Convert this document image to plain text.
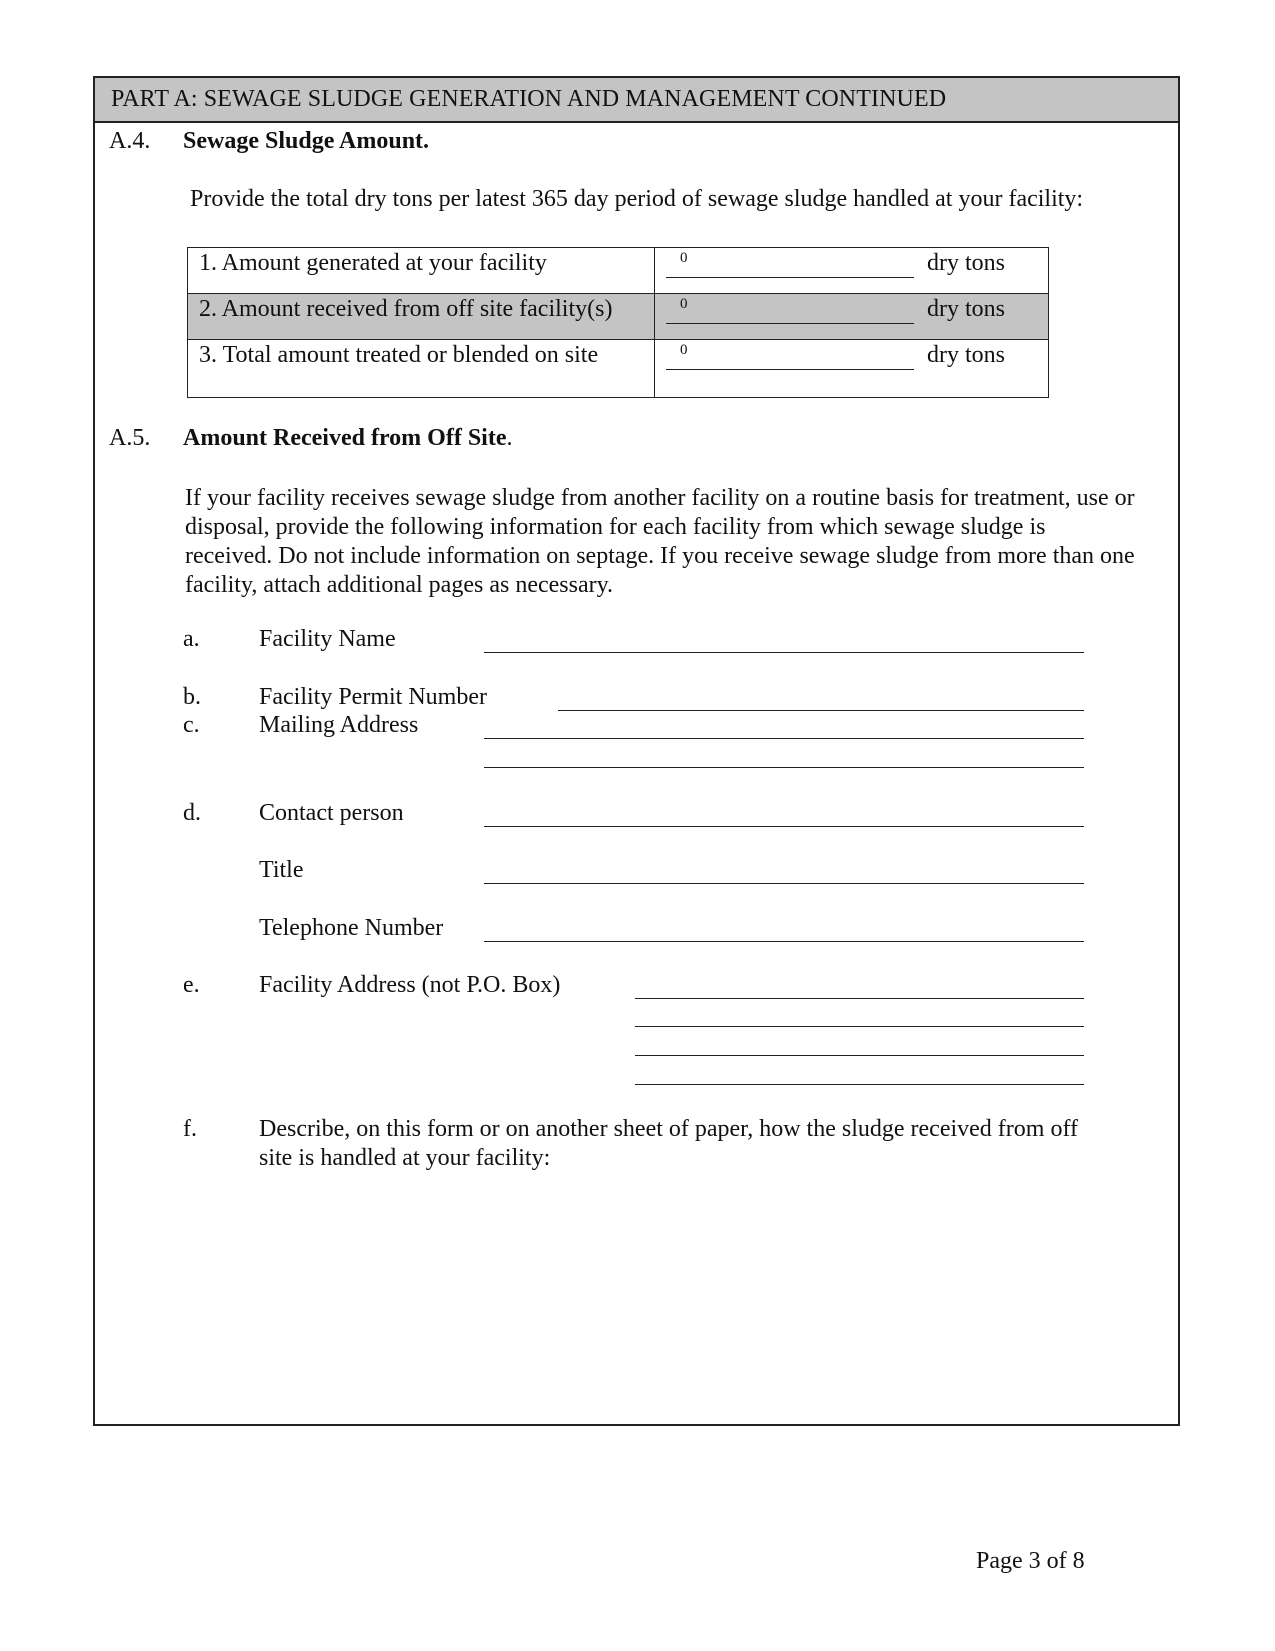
PART A: SEWAGE SLUDGE GENERATION AND MANAGEMENT CONTINUED
A.4. Sewage Sludge Amount.
Provide the total dry tons per latest 365 day period of sewage sludge handled at your facility:
1. Amount generated at your facility	0 dry tons

2. Amount received from off site facility(s)	0 dry tons

3. Total amount treated or blended on site	0 dry tons
A.5. Amount Received from Off Site.
If your facility receives sewage sludge from another facility on a routine basis for treatment, use or disposal, provide the following information for each facility from which sewage sludge is received. Do not include information on septage. If you receive sewage sludge from more than one facility, attach additional pages as necessary.
a. Facility Name
b. Facility Permit Number
c. Mailing Address
d. Contact person
Title
Telephone Number
e. Facility Address (not P.O. Box)
f.	Describe, on this form or on another sheet of paper, how the sludge received from off
site is handled at your facility:
Page 3 of 8
